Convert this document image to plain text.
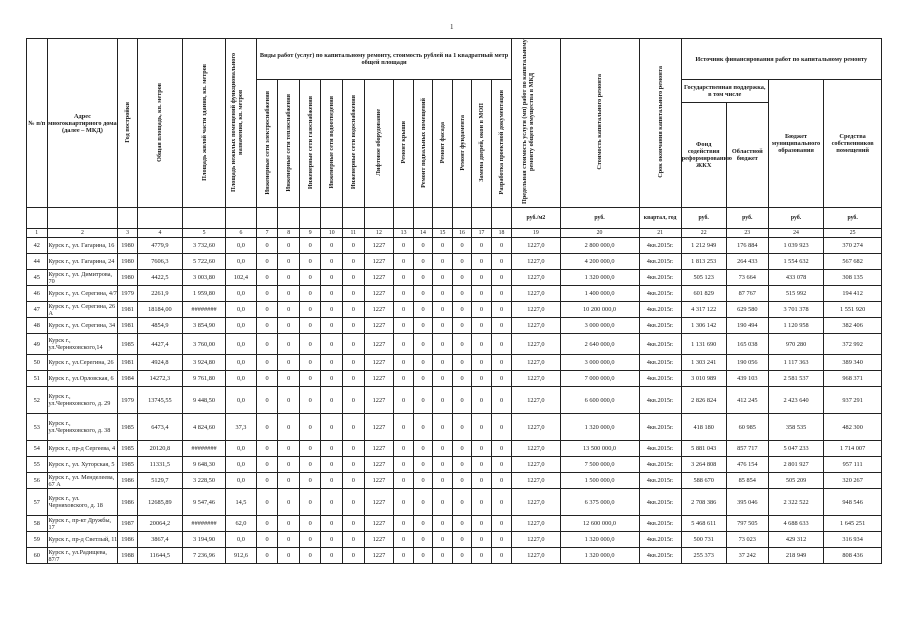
1
№ п/п	Адрес многоквартирного дома (далее – МКД)	Год постройки	Общая площадь, кв. метров	Площадь жилой части здания, кв. метров	Площадь нежилых помещений функционального назначения, кв. метров	Виды работ (услуг) по капитальному ремонту, стоимость рублей на 1 квадратный метр общей площади												Предельная стоимость услуги (мп) работ по капитальному ремонту общего имущества в МКД	Стоимость капитального ремонта	Срок окончания капитального ремонта	Источник финансирования работ по капитальному ремонту			
						Инженерные сети электроснабжения	Инженерные сети теплоснабжения	Инженерные сети газоснабжения	Инженерные сети водоотведения	Инженерные сети водоснабжения	Лифтовое оборудование	Ремонт крыши	Ремонт подвальных помещений	Ремонт фасада	Ремонт фундамента	Замена дверей, окон в МОП	Разработка проектной документации				Государственная поддержка, в том числе		Бюджет муниципального образования	Средства собственников помещений
																					Фонд содействия реформированию ЖКХ	Областной бюджет		
																		руб./м2	руб.	квартал, год	руб.	руб.	руб.	руб.
1	2	3	4	5	6	7	8	9	10	11	12	13	14	15	16	17	18	19	20	21	22	23	24	25
42	Курск г., ул. Гагарина, 16	1980	4779,9	3 732,60	0,0	0	0	0	0	0	1227	0	0	0	0	0	0	1227,0	2 800 000,0	4кв.2015г.	1 212 949	176 884	1 039 923	370 274
44	Курск г., ул. Гагарина, 24	1980	7606,3	5 722,60	0,0	0	0	0	0	0	1227	0	0	0	0	0	0	1227,0	4 200 000,0	4кв.2015г.	1 813 253	264 433	1 554 632	567 682
45	Курск г., ул. Димитрова, 70	1980	4422,5	3 003,80	102,4	0	0	0	0	0	1227	0	0	0	0	0	0	1227,0	1 320 000,0	4кв.2015г.	505 123	73 664	433 078	308 135
46	Курск г., ул. Серегина, 4/7	1979	2261,9	1 959,80	0,0	0	0	0	0	0	1227	0	0	0	0	0	0	1227,0	1 400 000,0	4кв.2015г.	601 829	87 767	515 992	194 412
47	Курск г., ул. Серегина, 26 А	1981	18184,00	########	0,0	0	0	0	0	0	1227	0	0	0	0	0	0	1227,0	10 200 000,0	4кв.2015г.	4 317 122	629 580	3 701 378	1 551 920
48	Курск г., ул. Серегина, 34	1981	4854,9	3 854,90	0,0	0	0	0	0	0	1227	0	0	0	0	0	0	1227,0	3 000 000,0	4кв.2015г.	1 306 142	190 494	1 120 958	382 406
49	Курск г., ул.Черняховского,14	1985	4427,4	3 760,00	0,0	0	0	0	0	0	1227	0	0	0	0	0	0	1227,0	2 640 000,0	4кв.2015г.	1 131 690	165 038	970 280	372 992
50	Курск г., ул.Серегина, 26	1981	4924,8	3 924,80	0,0	0	0	0	0	0	1227	0	0	0	0	0	0	1227,0	3 000 000,0	4кв.2015г.	1 303 241	190 056	1 117 363	389 340
51	Курск г., ул.Орловская, 6	1984	14272,3	9 761,80	0,0	0	0	0	0	0	1227	0	0	0	0	0	0	1227,0	7 000 000,0	4кв.2015г.	3 010 989	439 103	2 581 537	968 371
52	Курск г., ул.Черняховского, д. 29	1979	13745,55	9 448,50	0,0	0	0	0	0	0	1227	0	0	0	0	0	0	1227,0	6 600 000,0	4кв.2015г.	2 826 824	412 245	2 423 640	937 291
53	Курск г., ул.Черняховского, д. 38	1985	6473,4	4 824,60	37,3	0	0	0	0	0	1227	0	0	0	0	0	0	1227,0	1 320 000,0	4кв.2015г.	418 180	60 985	358 535	482 300
54	Курск г., пр-д Сергеева, 4	1985	20120,8	########	0,0	0	0	0	0	0	1227	0	0	0	0	0	0	1227,0	13 500 000,0	4кв.2015г.	5 881 043	857 717	5 047 233	1 714 007
55	Курск г., ул. Хуторская, 5	1985	11331,5	9 648,30	0,0	0	0	0	0	0	1227	0	0	0	0	0	0	1227,0	7 500 000,0	4кв.2015г.	3 264 808	476 154	2 801 927	957 111
56	Курск г., ул. Менделеева, 67 А	1986	5129,7	3 228,50	0,0	0	0	0	0	0	1227	0	0	0	0	0	0	1227,0	1 500 000,0	4кв.2015г.	588 670	85 854	505 209	320 267
57	Курск г., ул. Черняховского, д. 18	1986	12685,89	9 547,46	14,5	0	0	0	0	0	1227	0	0	0	0	0	0	1227,0	6 375 000,0	4кв.2015г.	2 708 386	395 046	2 322 522	948 546
58	Курск г., пр-кт Дружбы, 17	1987	20064,2	########	62,0	0	0	0	0	0	1227	0	0	0	0	0	0	1227,0	12 600 000,0	4кв.2015г.	5 468 611	797 505	4 688 633	1 645 251
59	Курск г., пр-д Светлый, 11	1986	3867,4	3 194,90	0,0	0	0	0	0	0	1227	0	0	0	0	0	0	1227,0	1 320 000,0	4кв.2015г.	500 731	73 023	429 312	316 934
60	Курск г., ул.Радищева, 87/7	1988	11644,5	7 236,96	912,6	0	0	0	0	0	1227	0	0	0	0	0	0	1227,0	1 320 000,0	4кв.2015г.	255 373	37 242	218 949	808 436
